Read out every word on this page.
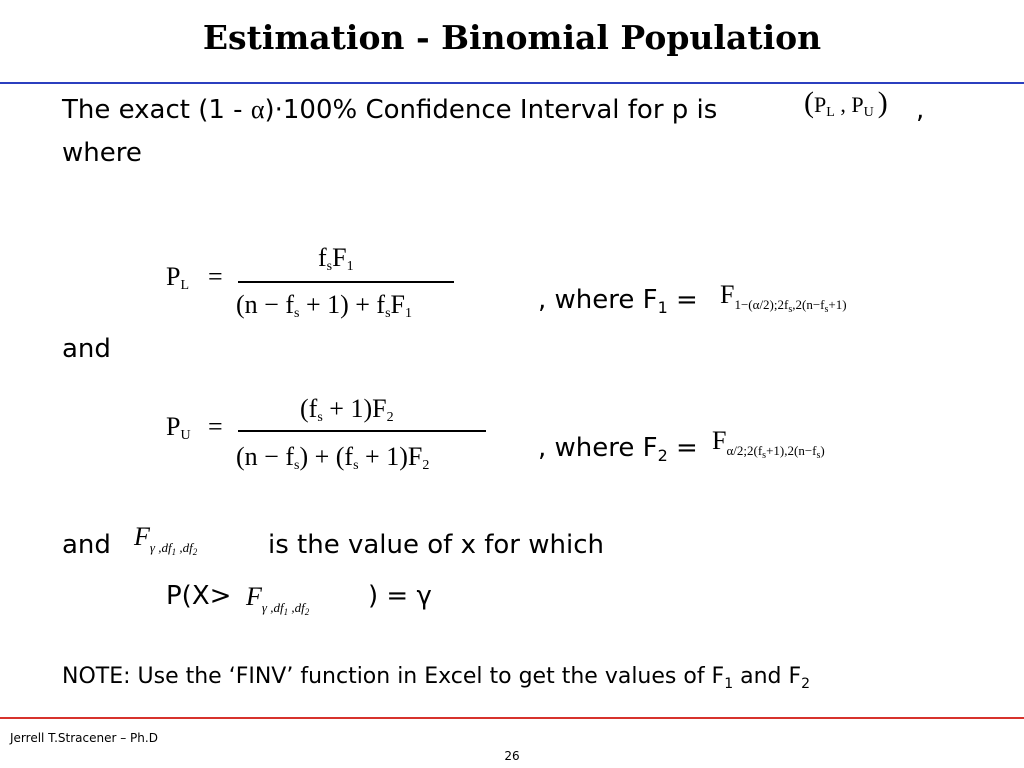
Estimation - Binomial Population
The exact (1 - α)·100% Confidence Interval for p is	($P_L$ , $P_U$ ) ,
where
$P_L$ =
$f_sF_1$
$(n - f_s + 1) + f_sF_1$	, where $F1 = F_{1-(\alpha/2);2fs,2(n-fs+1)}$
and
$P_U$ =
$(f_s + 1)F_2$
$(n - f_s) + (f_s + 1)F_2$
, where $F2 = F_{\alpha/2;2(fs+1),2(n-fs)}$
and $F_{\gamma ,df1}$ $_{,df2}$	is the value of x for which
$P(X> F_{\gamma ,df1}$ $_{,df2}$
) = γ
NOTE: Use the ‘FINV’ function in Excel to get the values of $F_1$ and $F_2$
Jerrell T.Stracener – Ph.D
26
